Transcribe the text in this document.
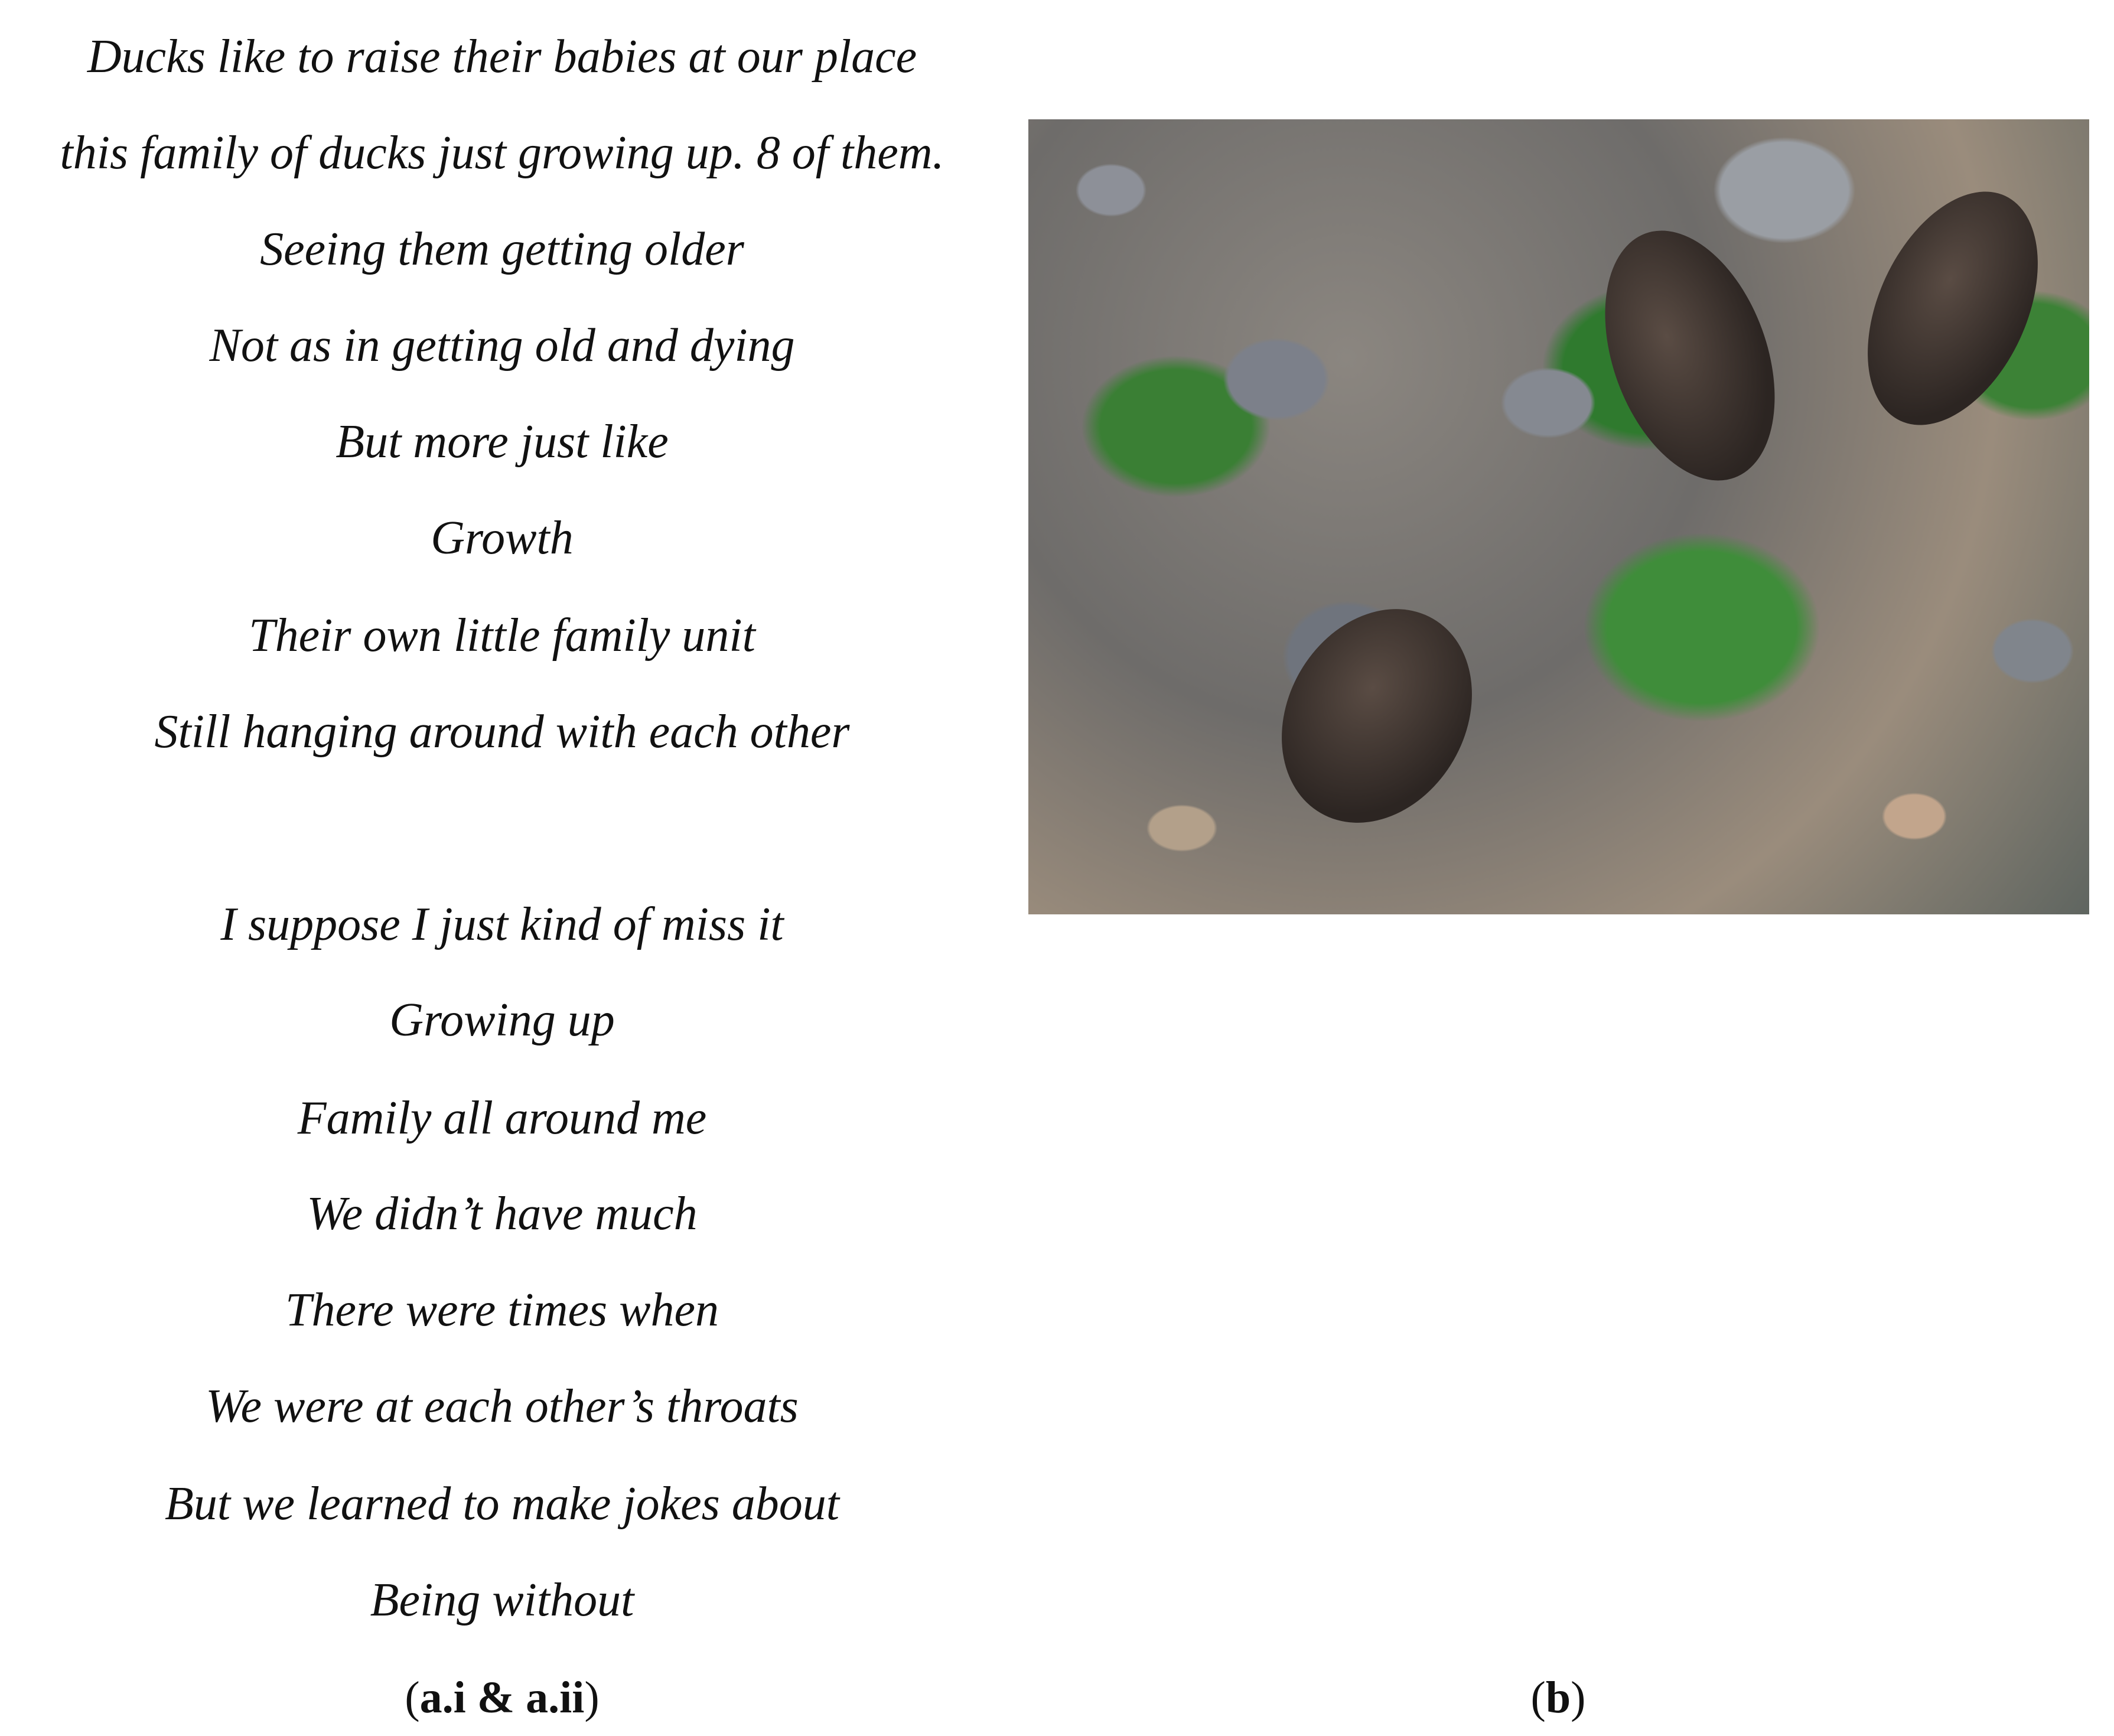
Ducks like to raise their babies at our place
this family of ducks just growing up. 8 of them.
Seeing them getting older
Not as in getting old and dying
But more just like
Growth
Their own little family unit
Still hanging around with each other
I suppose I just kind of miss it
Growing up
Family all around me
We didn’t have much
There were times when
We were at each other’s throats
But we learned to make jokes about
Being without
(a.i & a.ii)	(b)
